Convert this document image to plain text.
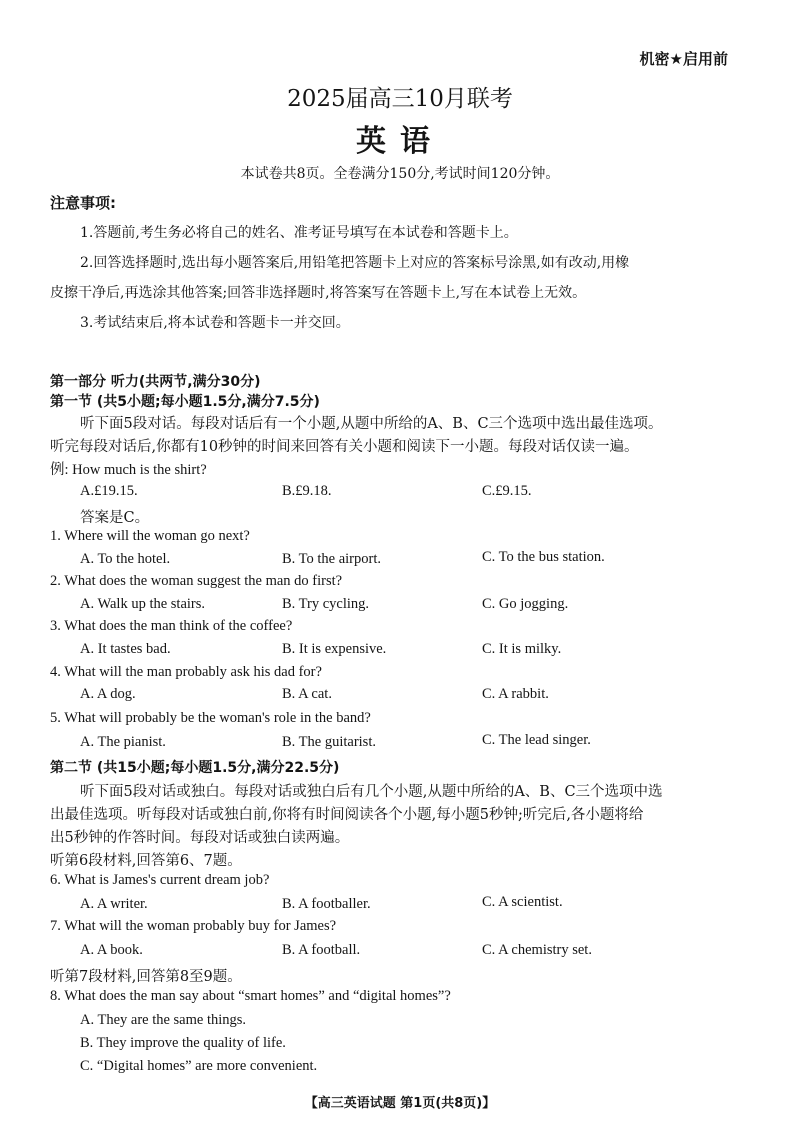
机密★启用前
2025届高三10月联考
英语
本试卷共8页。全卷满分150分,考试时间120分钟。
注意事项:
1.答题前,考生务必将自己的姓名、准考证号填写在本试卷和答题卡上。
2.回答选择题时,选出每小题答案后,用铅笔把答题卡上对应的答案标号涂黑,如有改动,用橡
皮擦干净后,再选涂其他答案;回答非选择题时,将答案写在答题卡上,写在本试卷上无效。
3.考试结束后,将本试卷和答题卡一并交回。
第一部分 听力(共两节,满分30分)
第一节 (共5小题;每小题1.5分,满分7.5分)
听下面5段对话。每段对话后有一个小题,从题中所给的A、B、C三个选项中选出最佳选项。
听完每段对话后,你都有10秒钟的时间来回答有关小题和阅读下一小题。每段对话仅读一遍。
例: How much is the shirt?
A.£19.15.	B.£9.18.	C.£9.15.
答案是C。
1. Where will the woman go next?
A. To the hotel.	B. To the airport.	C. To the bus station.
2. What does the woman suggest the man do first?
A. Walk up the stairs.	B. Try cycling.	C. Go jogging.
3. What does the man think of the coffee?
A. It tastes bad.	B. It is expensive.	C. It is milky.
4. What will the man probably ask his dad for?
A. A dog.	B. A cat.	C. A rabbit.
5. What will probably be the woman's role in the band?
A. The pianist.	B. The guitarist.	C. The lead singer.
第二节 (共15小题;每小题1.5分,满分22.5分)
听下面5段对话或独白。每段对话或独白后有几个小题,从题中所给的A、B、C三个选项中选
出最佳选项。听每段对话或独白前,你将有时间阅读各个小题,每小题5秒钟;听完后,各小题将给
出5秒钟的作答时间。每段对话或独白读两遍。
听第6段材料,回答第6、7题。
6. What is James's current dream job?
A. A writer.	B. A footballer.	C. A scientist.
7. What will the woman probably buy for James?
A. A book.	B. A football.	C. A chemistry set.
听第7段材料,回答第8至9题。
8. What does the man say about “smart homes” and “digital homes”?
A. They are the same things.
B. They improve the quality of life.
C. “Digital homes” are more convenient.
【高三英语试题 第1页(共8页)】
